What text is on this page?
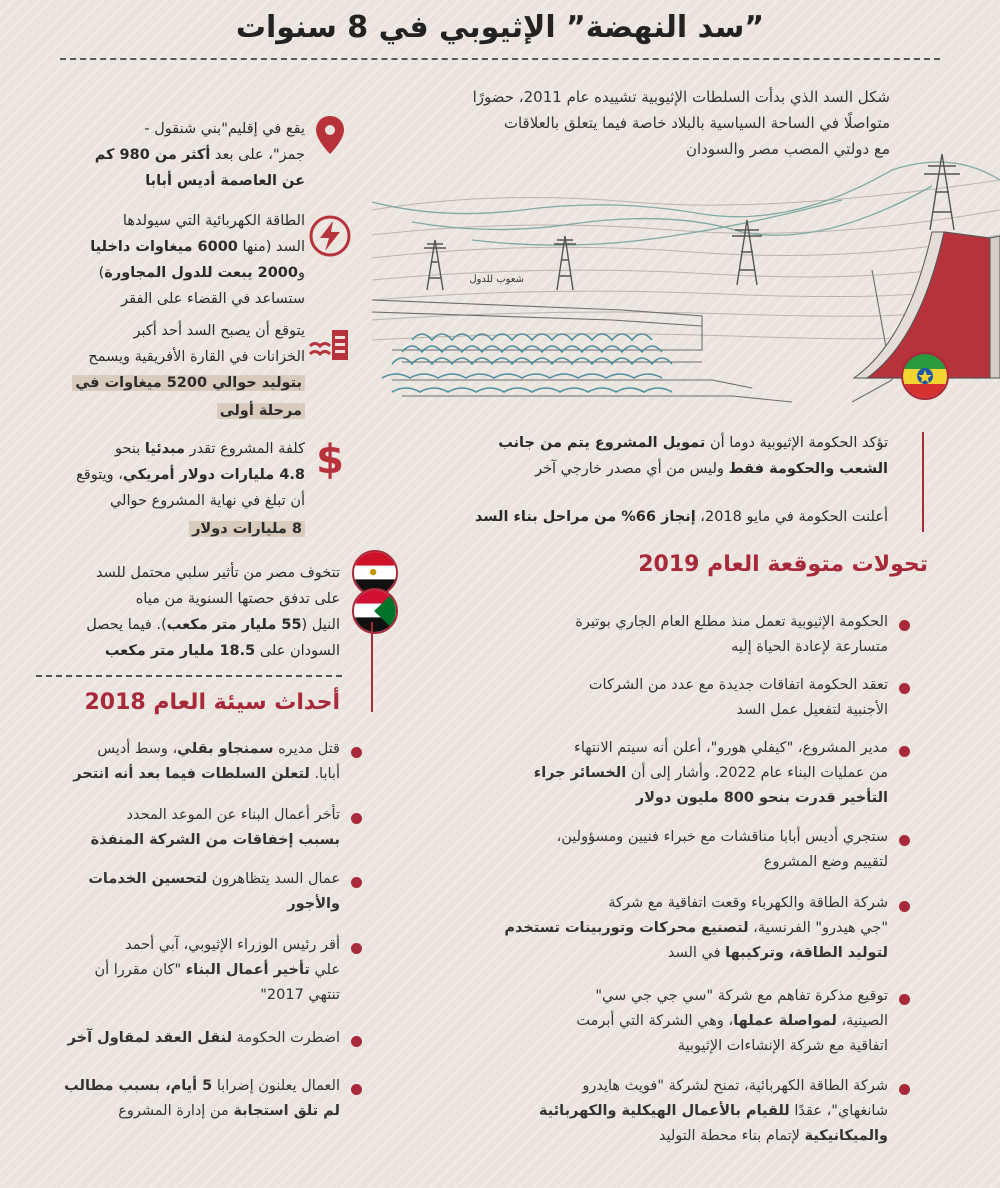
”سد النهضة” الإثيوبي في 8 سنوات
شكل السد الذي بدأت السلطات الإثيوبية تشييده عام 2011، حضورًا
متواصلًا في الساحة السياسية بالبلاد خاصة فيما يتعلق بالعلاقات
مع دولتي المصب مصر والسودان
ﺷﻌﻮﺏ ﻟﻠﺪﻭﻝ
يقع في إقليم"بني شنقول -
جمز"، على بعد أكثر من 980 كم
عن العاصمة أديس أبابا
الطاقة الكهربائية التي سيولدها
السد (منها 6000 ميغاوات داخليا
و2000 يبعت للدول المجاورة)
ستساعد في القضاء على الفقر
يتوقع أن يصبح السد أحد أكبر
الخزانات في القارة الأفريقية ويسمح
بتوليد حوالي 5200 ميغاوات في
مرحلة أولى
$
كلفة المشروع تقدر مبدئيا بنحو
4.8 مليارات دولار أمريكي، ويتوقع
أن تبلغ في نهاية المشروع حوالي
8 مليارات دولار
تتخوف مصر من تأثير سلبي محتمل للسد
على تدفق حصتها السنوية من مياه
النيل (55 مليار متر مكعب). فيما يحصل
السودان على 18.5 مليار متر مكعب
تؤكد الحكومة الإثيوبية دوما أن تمويل المشروع يتم من جانب
الشعب والحكومة فقط وليس من أي مصدر خارجي آخر
أعلنت الحكومة في مايو 2018، إنجاز 66% من مراحل بناء السد
تحولات متوقعة العام 2019
أحداث سيئة العام 2018
الحكومة الإثيوبية تعمل منذ مطلع العام الجاري بوتيرة
متسارعة لإعادة الحياة إليه
تعقد الحكومة اتفاقات جديدة مع عدد من الشركات
الأجنبية لتفعيل عمل السد
مدير المشروع، "كيفلي هورو"، أعلن أنه سيتم الانتهاء
من عمليات البناء عام 2022. وأشار إلى أن الخسائر جراء
التأخير قدرت بنحو 800 مليون دولار
ستجري أديس أبابا مناقشات مع خبراء فنيين ومسؤولين،
لتقييم وضع المشروع
شركة الطاقة والكهرباء وقعت اتفاقية مع شركة
"جي هيدرو" الفرنسية، لتصنيع محركات وتوربينات تستخدم
لتوليد الطاقة، وتركيبها في السد
توقيع مذكرة تفاهم مع شركة "سي جي جي سي"
الصينية، لمواصلة عملها، وهي الشركة التي أبرمت
اتفاقية مع شركة الإنشاءات الإثيوبية
شركة الطاقة الكهربائية، تمنح لشركة "فويث هايدرو
شانغهاي"، عقدًا للقيام بالأعمال الهيكلية والكهربائية
والميكانيكية لإتمام بناء محطة التوليد
قتل مديره سمنجاو بقلي، وسط أديس
أبابا. لتعلن السلطات فيما بعد أنه انتحر
تأخر أعمال البناء عن الموعد المحدد
بسبب إخفاقات من الشركة المنفذة
عمال السد يتظاهرون لتحسين الخدمات
والأجور
أقر رئيس الوزراء الإثيوبي، آبي أحمد
علي تأخير أعمال البناء "كان مقررا أن
تنتهي 2017"
اضطرت الحكومة لنقل العقد لمقاول آخر
العمال يعلنون إضرابا 5 أيام، بسبب مطالب
لم تلق استجابة من إدارة المشروع
